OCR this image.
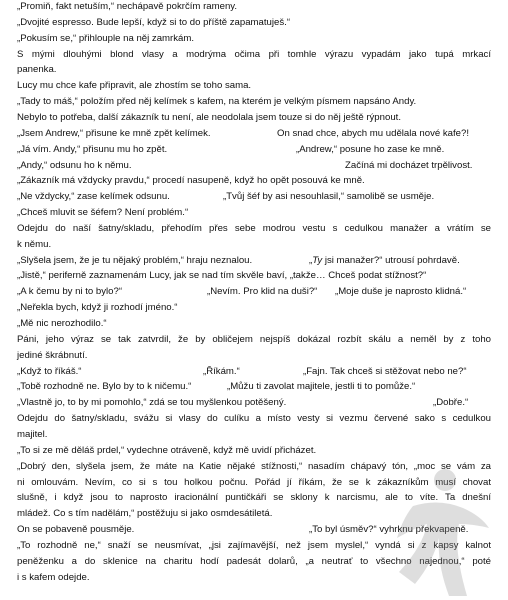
„Promiň, fakt netuším,“ nechápavě pokrčím rameny.
„Dvojité espresso. Bude lepší, když si to do příště zapamatuješ.“
„Pokusím se,“ přihlouple na něj zamrkám.
S mými dlouhými blond vlasy a modrýma očima při tomhle výrazu vypadám jako tupá mrkací
panenka.
Lucy mu chce kafe připravit, ale zhostím se toho sama.
„Tady to máš,“ položím před něj kelímek s kafem, na kterém je velkým písmem napsáno Andy.
Nebylo to potřeba, další zákazník tu není, ale neodolala jsem touze si do něj ještě rýpnout.
„Jsem Andrew,“ přisune ke mně zpět kelímek.	On snad chce, abych mu udělala nové kafe?!
„Já vím. Andy,“ přisunu mu ho zpět.	„Andrew,“ posune ho zase ke mně.
„Andy,“ odsunu ho k němu.	Začíná mi docházet trpělivost.
„Zákazník má vždycky pravdu,“ procedí nasupeně, když ho opět posouvá ke mně.
„Ne vždycky,“ zase kelímek odsunu.	„Tvůj šéf by asi nesouhlasil,“ samolibě se usměje.
„Chceš mluvit se šéfem? Není problém.“
Odejdu do naší šatny/skladu, přehodím přes sebe modrou vestu s cedulkou manažer a vrátím se
k němu.
„Slyšela jsem, že je tu nějaký problém,“ hraju neznalou.	„Ty jsi manažer?“ utrousí pohrdavě.
„Jistě,“ periferně zaznamenám Lucy, jak se nad tím skvěle baví, „takže… Chceš podat stížnost?“
„A k čemu by ni to bylo?“	„Nevím. Pro klid na duši?“ „Moje duše je naprosto klidná.“
„Neřekla bych, když ji rozhodí jméno.“
„Mě nic nerozhodilo.“
Páni, jeho výraz se tak zatvrdil, že by obličejem nejspíš dokázal rozbít skálu a neměl by z toho
jediné škrábnutí.
„Když to říkáš.“	„Říkám.“	„Fajn. Tak chceš si stěžovat nebo ne?“
„Tobě rozhodně ne. Bylo by to k ničemu.“	„Můžu ti zavolat majitele, jestli ti to pomůže.“
„Vlastně jo, to by mi pomohlo,“ zdá se tou myšlenkou potěšený.	„Dobře.“
Odejdu do šatny/skladu, svážu si vlasy do culíku a místo vesty si vezmu červené sako s cedulkou
majitel.
„To si ze mě děláš prdel,“ vydechne otráveně, když mě uvidí přicházet.
„Dobrý den, slyšela jsem, že máte na Katie nějaké stížnosti,“ nasadím chápavý tón, „moc se vám za
ni omlouvám. Nevím, co si s tou holkou počnu. Pořád jí říkám, že se k zákazníkům musí chovat
slušně, i když jsou to naprosto iracionální puntičkáři se sklony k narcismu, ale to víte. Ta dnešní
mládež. Co s tím nadělám,“ postěžuju si jako osmdesátiletá.
On se pobaveně pousměje.	„To byl úsměv?“ vyhrknu překvapeně.
„To rozhodně ne,“ snaží se neusmívat, „jsi zajímavější, než jsem myslel,“ vyndá si z kapsy kalnot
peněženku a do sklenice na charitu hodí padesát dolarů, „a neutrať to všechno najednou,“ poté
i s kafem odejde.
